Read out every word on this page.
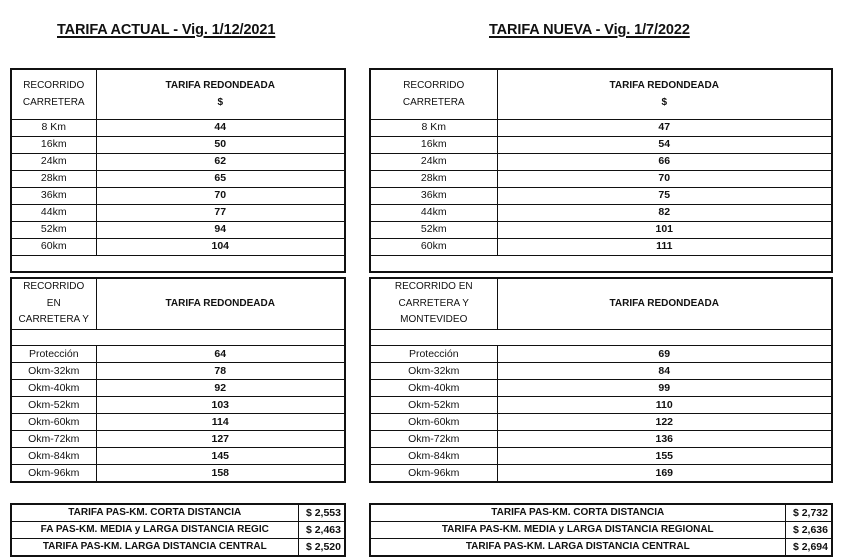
TARIFA ACTUAL - Vig. 1/12/2021	TARIFA NUEVA - Vig. 1/7/2022
RECORRIDO
CARRETERA	TARIFA REDONDEADA
$

8 Km	44
16km	50
24km	62
28km	65
36km	70
44km	77
52km	94
60km	104

RECORRIDO
EN
CARRETERA Y	TARIFA REDONDEADA

Protección	64
Okm-32km	78
Okm-40km	92
Okm-52km	103
Okm-60km	114
Okm-72km	127
Okm-84km	145
Okm-96km	158
TARIFA PAS-KM. CORTA DISTANCIA	$ 2,553
FA PAS-KM. MEDIA y LARGA DISTANCIA REGIC	$ 2,463
TARIFA PAS-KM. LARGA DISTANCIA CENTRAL	$ 2,520
RECORRIDO
CARRETERA	TARIFA REDONDEADA
$

8 Km	47
16km	54
24km	66
28km	70
36km	75
44km	82
52km	101
60km	111

RECORRIDO EN
CARRETERA Y
MONTEVIDEO	TARIFA REDONDEADA

Protección	69
Okm-32km	84
Okm-40km	99
Okm-52km	110
Okm-60km	122
Okm-72km	136
Okm-84km	155
Okm-96km	169
TARIFA PAS-KM. CORTA DISTANCIA	$ 2,732
TARIFA PAS-KM. MEDIA y LARGA DISTANCIA REGIONAL	$ 2,636
TARIFA PAS-KM. LARGA DISTANCIA CENTRAL	$ 2,694
